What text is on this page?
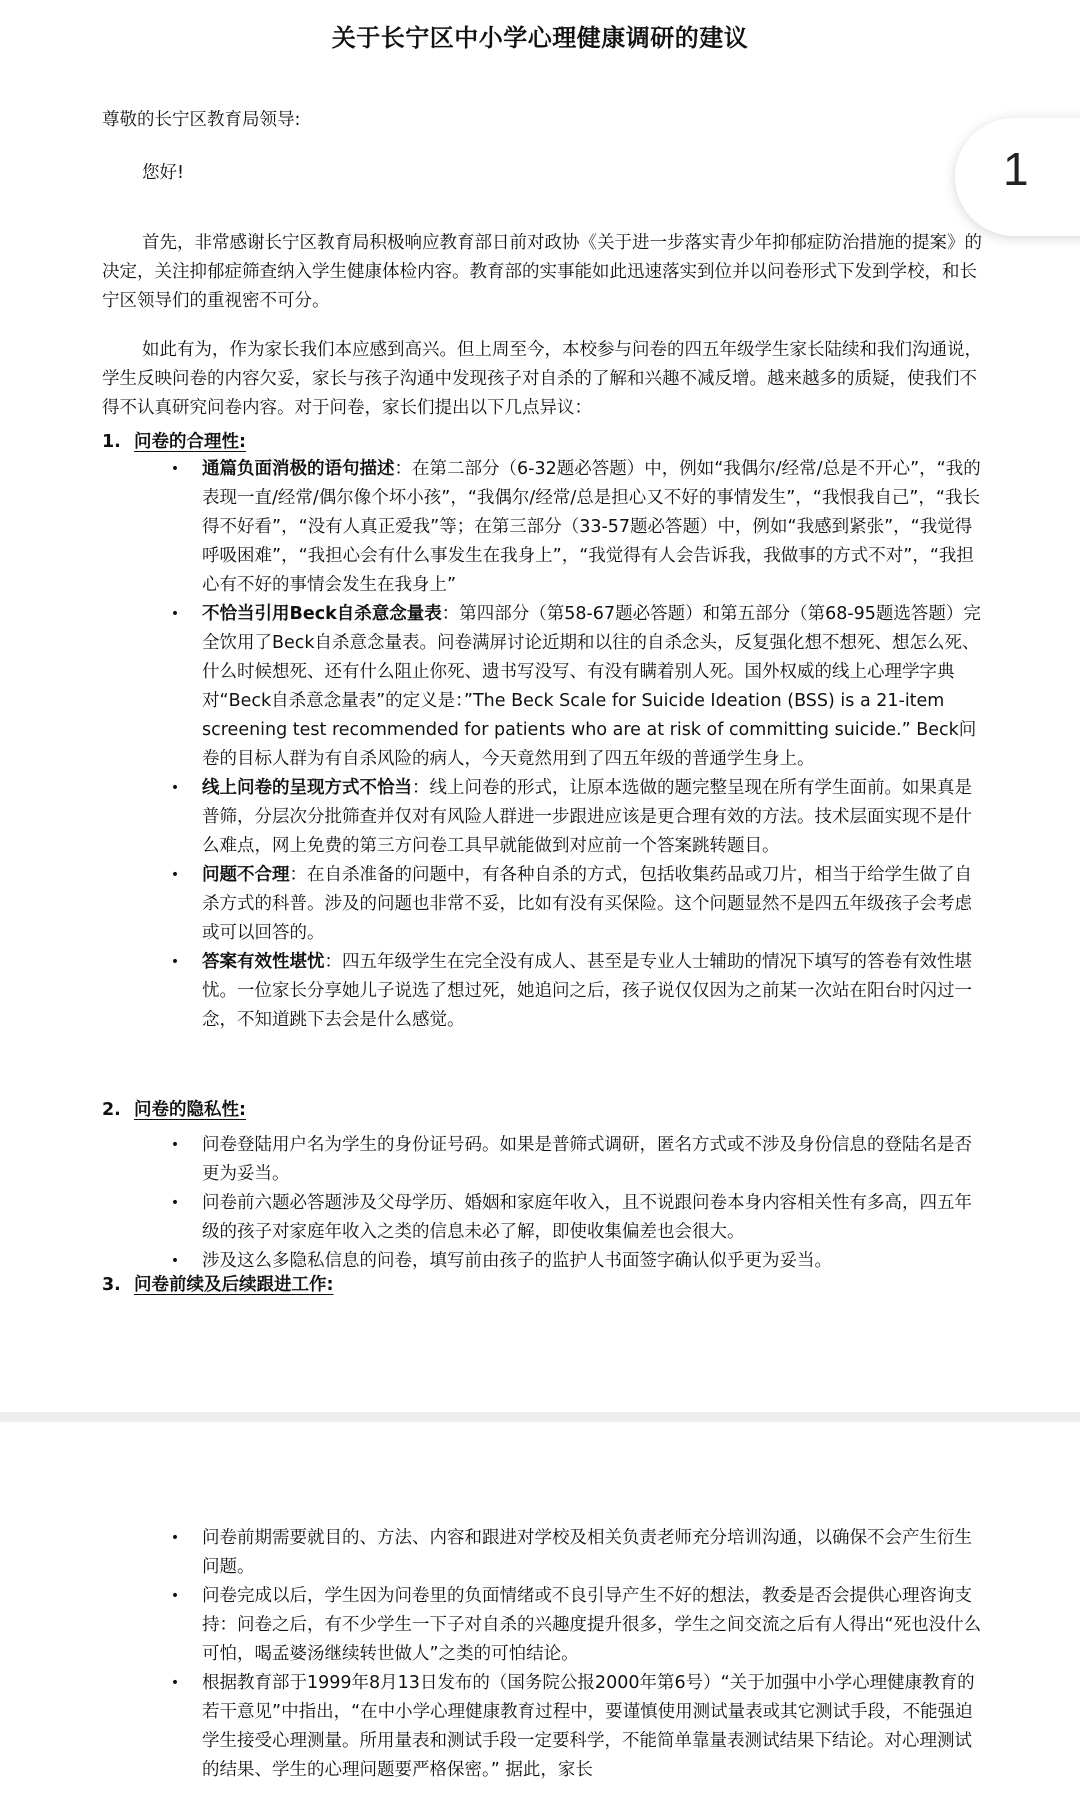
关于长宁区中小学心理健康调研的建议
1
尊敬的长宁区教育局领导:
您好!

首先，非常感谢长宁区教育局积极响应教育部日前对政协《关于进一步落实青少年抑郁症防治措施的提案》的决定，关注抑郁症筛查纳入学生健康体检内容。教育部的实事能如此迅速落实到位并以问卷形式下发到学校，和长宁区领导们的重视密不可分。

如此有为，作为家长我们本应感到高兴。但上周至今，本校参与问卷的四五年级学生家长陆续和我们沟通说，学生反映问卷的内容欠妥，家长与孩子沟通中发现孩子对自杀的了解和兴趣不减反增。越来越多的质疑，使我们不得不认真研究问卷内容。对于问卷，家长们提出以下几点异议：

1. 问卷的合理性:
• 通篇负面消极的语句描述：在第二部分（6-32题必答题）中，例如“我偶尔/经常/总是不开心”，“我的表现一直/经常/偶尔像个坏小孩”，“我偶尔/经常/总是担心又不好的事情发生”，“我恨我自己”，“我长得不好看”，“没有人真正爱我”等；在第三部分（33-57题必答题）中，例如“我感到紧张”，“我觉得呼吸困难”，“我担心会有什么事发生在我身上”，“我觉得有人会告诉我，我做事的方式不对”，“我担心有不好的事情会发生在我身上”
• 不恰当引用Beck自杀意念量表：第四部分（第58-67题必答题）和第五部分（第68-95题选答题）完全饮用了Beck自杀意念量表。问卷满屏讨论近期和以往的自杀念头，反复强化想不想死、想怎么死、什么时候想死、还有什么阻止你死、遗书写没写、有没有瞒着别人死。国外权威的线上心理学字典对“Beck自杀意念量表”的定义是：”The Beck Scale for Suicide Ideation (BSS) is a 21-item screening test recommended for patients who are at risk of committing suicide.” Beck问卷的目标人群为有自杀风险的病人，今天竟然用到了四五年级的普通学生身上。
• 线上问卷的呈现方式不恰当：线上问卷的形式，让原本选做的题完整呈现在所有学生面前。如果真是普筛，分层次分批筛查并仅对有风险人群进一步跟进应该是更合理有效的方法。技术层面实现不是什么难点，网上免费的第三方问卷工具早就能做到对应前一个答案跳转题目。
• 问题不合理：在自杀准备的问题中，有各种自杀的方式，包括收集药品或刀片，相当于给学生做了自杀方式的科普。涉及的问题也非常不妥，比如有没有买保险。这个问题显然不是四五年级孩子会考虑或可以回答的。
• 答案有效性堪忧：四五年级学生在完全没有成人、甚至是专业人士辅助的情况下填写的答卷有效性堪忧。一位家长分享她儿子说选了想过死，她追问之后，孩子说仅仅因为之前某一次站在阳台时闪过一念，不知道跳下去会是什么感觉。
2. 问卷的隐私性:
• 问卷登陆用户名为学生的身份证号码。如果是普筛式调研，匿名方式或不涉及身份信息的登陆名是否更为妥当。
• 问卷前六题必答题涉及父母学历、婚姻和家庭年收入，且不说跟问卷本身内容相关性有多高，四五年级的孩子对家庭年收入之类的信息未必了解，即使收集偏差也会很大。
• 涉及这么多隐私信息的问卷，填写前由孩子的监护人书面签字确认似乎更为妥当。
3. 问卷前续及后续跟进工作:
• 问卷前期需要就目的、方法、内容和跟进对学校及相关负责老师充分培训沟通，以确保不会产生衍生问题。
• 问卷完成以后，学生因为问卷里的负面情绪或不良引导产生不好的想法，教委是否会提供心理咨询支持：问卷之后，有不少学生一下子对自杀的兴趣度提升很多，学生之间交流之后有人得出“死也没什么可怕，喝孟婆汤继续转世做人”之类的可怕结论。
• 根据教育部于1999年8月13日发布的（国务院公报2000年第6号）“关于加强中小学心理健康教育的若干意见”中指出，“在中小学心理健康教育过程中，要谨慎使用测试量表或其它测试手段，不能强迫学生接受心理测量。所用量表和测试手段一定要科学，不能简单靠量表测试结果下结论。对心理测试的结果、学生的心理问题要严格保密。” 据此，家长
